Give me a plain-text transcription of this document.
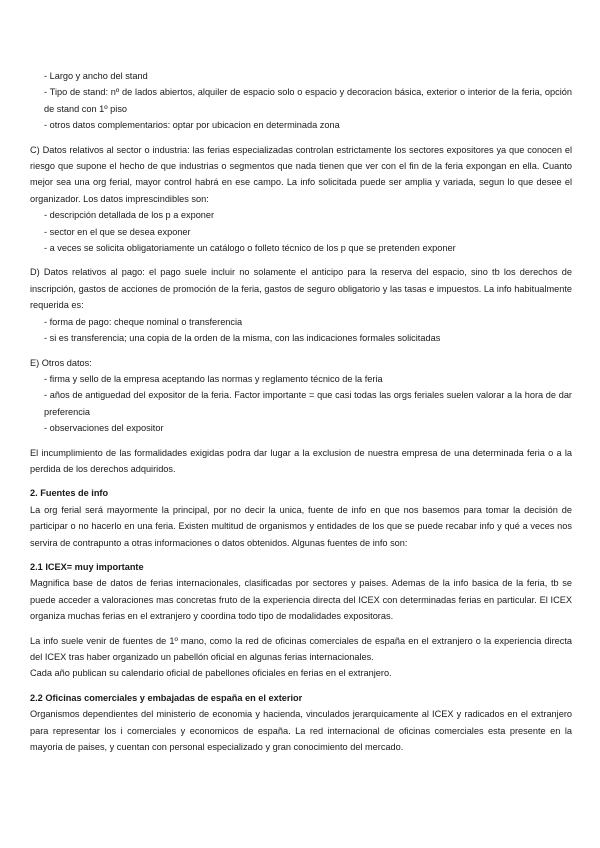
- Largo y ancho del stand
- Tipo de stand: nº de lados abiertos, alquiler de espacio solo o espacio y decoracion básica, exterior o interior de la feria, opción de stand con 1º piso
- otros datos complementarios: optar por ubicacion en determinada zona

C) Datos relativos al sector o industria: las ferias especializadas controlan estrictamente los sectores expositores ya que conocen el riesgo que supone el hecho de que industrias o segmentos que nada tienen que ver con el fin de la feria expongan en ella. Cuanto mejor sea una org ferial, mayor control habrá en ese campo. La info solicitada puede ser amplia y variada, segun lo que desee el organizador. Los datos imprescindibles son:

- descripción detallada de los p a exponer
- sector en el que se desea exponer
- a veces se solicita obligatoriamente un catálogo o folleto técnico de los p que se pretenden exponer

D) Datos relativos al pago: el pago suele incluir no solamente el anticipo para la reserva del espacio, sino tb los derechos de inscripción, gastos de acciones de promoción de la feria, gastos de seguro obligatorio y las tasas e impuestos. La info habitualmente requerida es:

- forma de pago: cheque nominal o transferencia
- si es transferencia; una copia de la orden de la misma, con las indicaciones formales solicitadas

E) Otros datos:

- firma y sello de la empresa aceptando las normas y reglamento técnico de la feria
- años de antiguedad del expositor de la feria. Factor importante = que casi todas las orgs feriales suelen valorar a la hora de dar preferencia
- observaciones del expositor

El incumplimiento de las formalidades exigidas podra dar lugar a la exclusion de nuestra empresa de una determinada feria o a la perdida de los derechos adquiridos.

2. Fuentes de info

La org ferial será mayormente la principal, por no decir la unica, fuente de info en que nos basemos para tomar la decisión de participar o no hacerlo en una feria. Existen multitud de organismos y entidades de los que se puede recabar info y qué a veces nos servira de contrapunto a otras informaciones o datos obtenidos. Algunas fuentes de info son:

2.1 ICEX= muy importante

Magnifica base de datos de ferias internacionales, clasificadas por sectores y paises. Ademas de la info basica de la feria, tb se puede acceder a valoraciones mas concretas fruto de la experiencia directa del ICEX con determinadas ferias en particular. El ICEX organiza muchas ferias en el extranjero y coordina todo tipo de modalidades expositoras.

La info suele venir de fuentes de 1º mano, como la red de oficinas comerciales de españa en el extranjero o la experiencia directa del ICEX tras haber organizado un pabellón oficial en algunas ferias internacionales.

Cada año publican su calendario oficial de pabellones oficiales en ferias en el extranjero.

2.2 Oficinas comerciales y embajadas de españa en el exterior

Organismos dependientes del ministerio de economia y hacienda, vinculados jerarquicamente al ICEX y radicados en el extranjero para representar los i comerciales y economicos de españa. La red internacional de oficinas comerciales esta presente en la mayoria de paises, y cuentan con personal especializado y gran conocimiento del mercado.
